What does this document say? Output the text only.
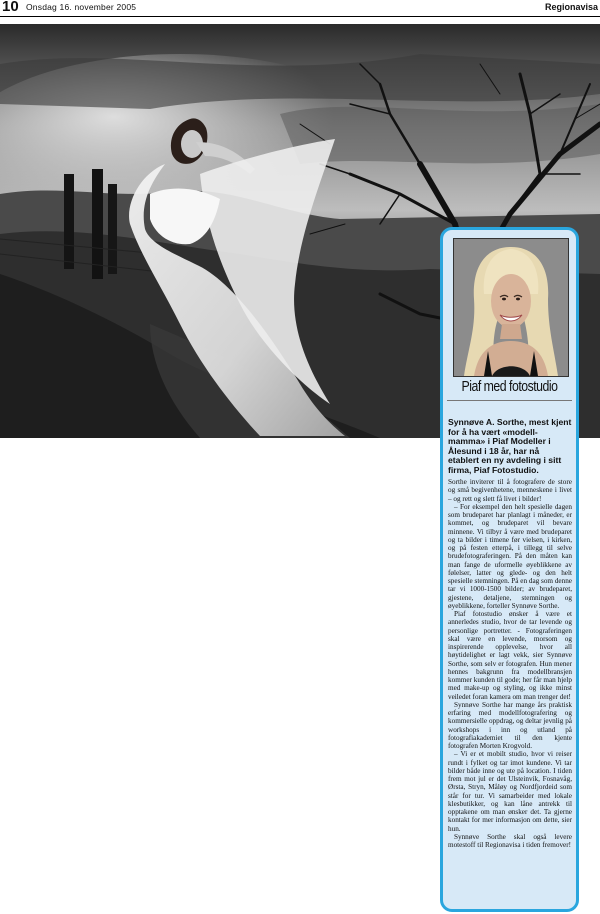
10 Onsdag 16. november 2005	Regionavisa
Piaf med fotostudio
Synnøve A. Sorthe, mest kjent for å ha vært «modell-mamma» i Piaf Modeller i Ålesund i 18 år, har nå etablert en ny avdeling i sitt firma, Piaf Fotostudio.

Sorthe inviterer til å fotografere de store og små begivenhetene, menneskene i livet – og rett og slett få livet i bilder!

– For eksempel den helt spesielle dagen som brudeparet har planlagt i måneder, er kommet, og brudeparet vil bevare minnene. Vi tilbyr å være med brudeparet og ta bilder i timene før vielsen, i kirken, og på festen etterpå, i tillegg til selve brudefotograferingen. På den måten kan man fange de uformelle øyeblikkene av følelser, latter og glede- og den helt spesielle stemningen. På en dag som denne tar vi 1000-1500 bilder; av brudeparet, gjestene, detaljene, stemningen og øyeblikkene, forteller Synnøve Sorthe.

Piaf fotostudio ønsker å være et annerledes studio, hvor de tar levende og personlige portretter. - Fotograferingen skal være en levende, morsom og inspirerende opplevelse, hvor all høytidelighet er lagt vekk, sier Synnøve Sorthe, som selv er fotografen. Hun mener hennes bakgrunn fra modellbransjen kommer kunden til gode; her får man hjelp med make-up og styling, og ikke minst veiledet foran kamera om man trenger det!

Synnøve Sorthe har mange års praktisk erfaring med modellfotografering og kommersielle oppdrag, og deltar jevnlig på workshops i inn og utland på fotografiakademiet til den kjente fotografen Morten Krogvold.

– Vi er et mobilt studio, hvor vi reiser rundt i fylket og tar imot kundene. Vi tar bilder både inne og ute på location. I tiden frem mot jul er det Ulsteinvik, Fosnavåg, Ørsta, Stryn, Måløy og Nordfjordeid som står for tur. Vi samarbeider med lokale klesbutikker, og kan låne antrekk til opptakene om man ønsker det. Ta gjerne kontakt for mer informasjon om dette, sier hun.

Synnøve Sorthe skal også levere motestoff til Regionavisa i tiden fremover!
